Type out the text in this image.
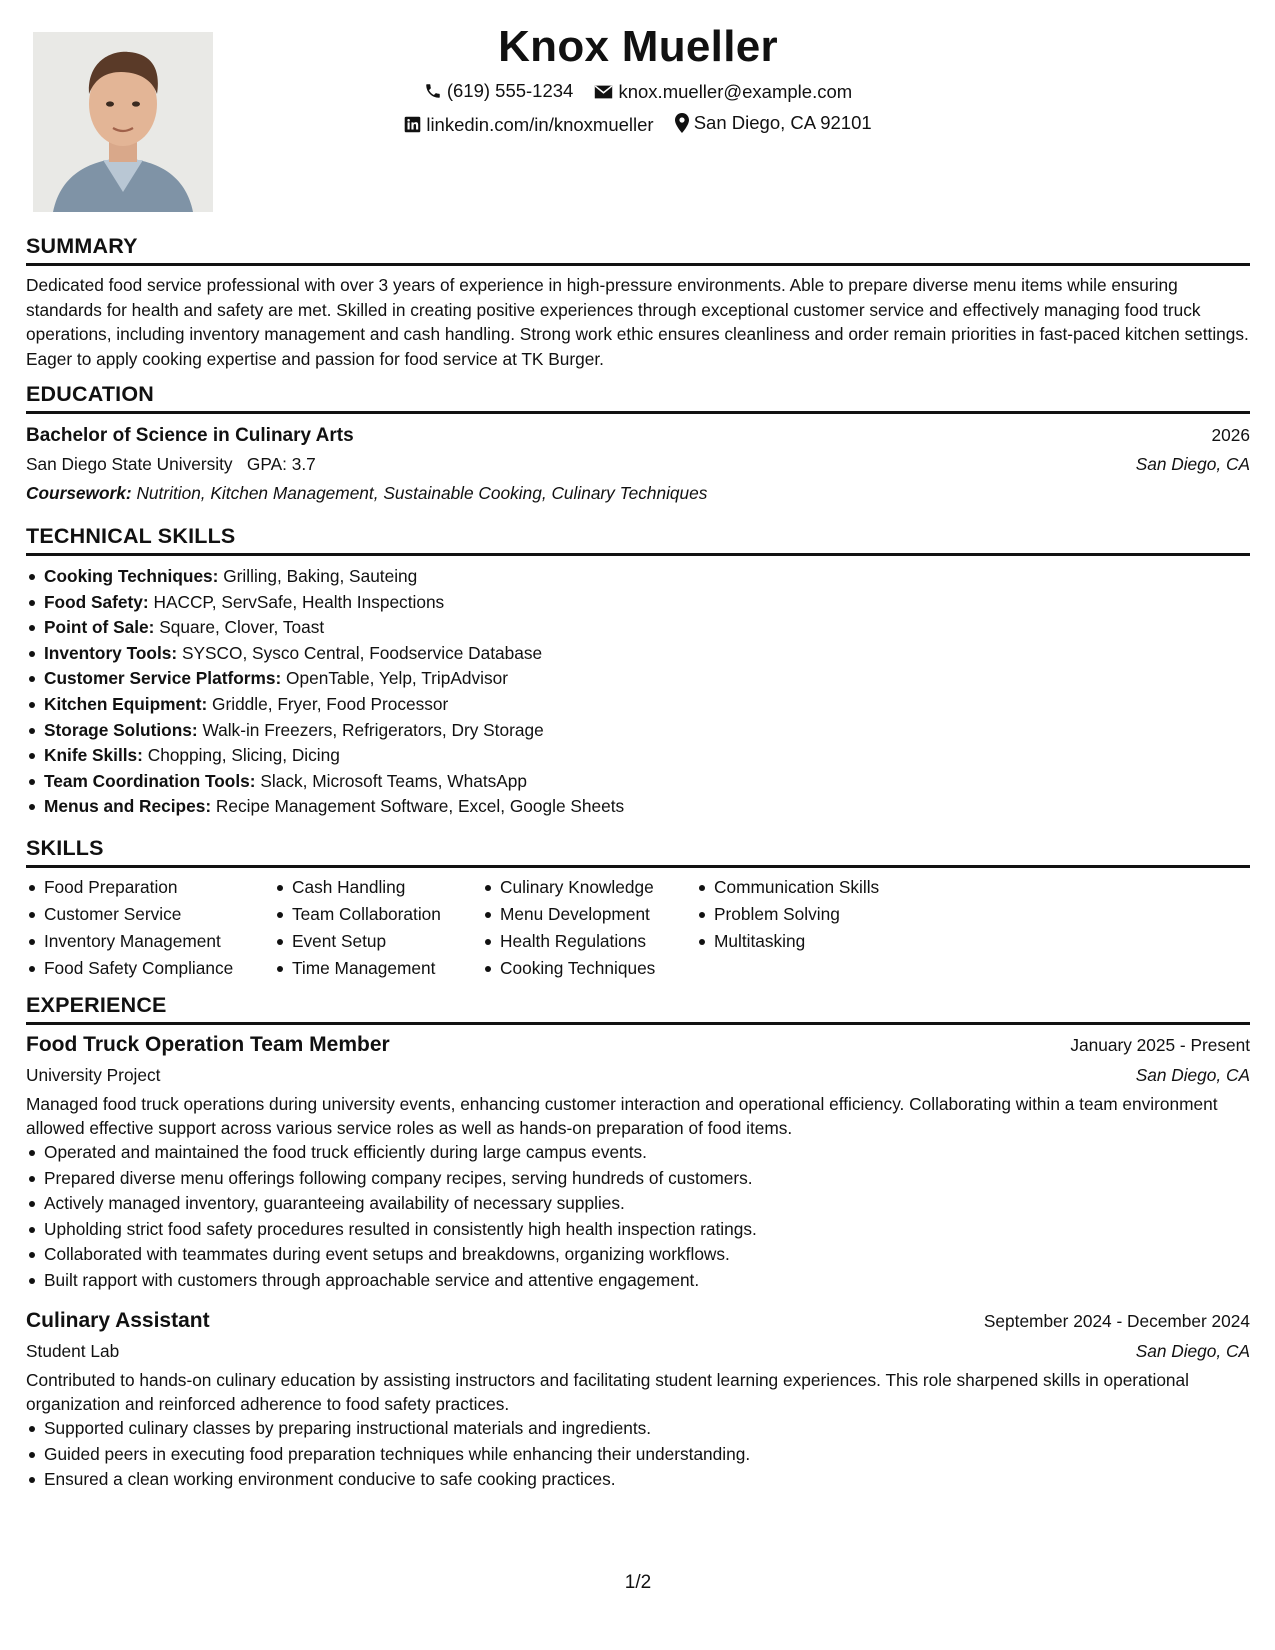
Knox Mueller
(619) 555-1234
knox.mueller@example.com
linkedin.com/in/knoxmueller
San Diego, CA 92101
SUMMARY

Dedicated food service professional with over 3 years of experience in high-pressure environments. Able to prepare diverse menu items while ensuring standards for health and safety are met. Skilled in creating positive experiences through exceptional customer service and effectively managing food truck operations, including inventory management and cash handling. Strong work ethic ensures cleanliness and order remain priorities in fast-paced kitchen settings. Eager to apply cooking expertise and passion for food service at TK Burger.

EDUCATION
Bachelor of Science in Culinary Arts	2026
San Diego State University GPA: 3.7	San Diego, CA
Coursework: Nutrition, Kitchen Management, Sustainable Cooking, Culinary Techniques
TECHNICAL SKILLS
Cooking Techniques: Grilling, Baking, Sauteing
Food Safety: HACCP, ServSafe, Health Inspections
Point of Sale: Square, Clover, Toast
Inventory Tools: SYSCO, Sysco Central, Foodservice Database
Customer Service Platforms: OpenTable, Yelp, TripAdvisor
Kitchen Equipment: Griddle, Fryer, Food Processor
Storage Solutions: Walk-in Freezers, Refrigerators, Dry Storage
Knife Skills: Chopping, Slicing, Dicing
Team Coordination Tools: Slack, Microsoft Teams, WhatsApp
Menus and Recipes: Recipe Management Software, Excel, Google Sheets
SKILLS
Food Preparation
Customer Service
Inventory Management
Food Safety Compliance
Cash Handling
Team Collaboration
Event Setup
Time Management
Culinary Knowledge
Menu Development
Health Regulations
Cooking Techniques
Communication Skills
Problem Solving
Multitasking
EXPERIENCE
Food Truck Operation Team Member	January 2025 - Present
University Project	San Diego, CA

Managed food truck operations during university events, enhancing customer interaction and operational efficiency. Collaborating within a team environment allowed effective support across various service roles as well as hands-on preparation of food items.

Operated and maintained the food truck efficiently during large campus events.
Prepared diverse menu offerings following company recipes, serving hundreds of customers.
Actively managed inventory, guaranteeing availability of necessary supplies.
Upholding strict food safety procedures resulted in consistently high health inspection ratings.
Collaborated with teammates during event setups and breakdowns, organizing workflows.
Built rapport with customers through approachable service and attentive engagement.
Culinary Assistant	September 2024 - December 2024
Student Lab	San Diego, CA

Contributed to hands-on culinary education by assisting instructors and facilitating student learning experiences. This role sharpened skills in operational organization and reinforced adherence to food safety practices.

Supported culinary classes by preparing instructional materials and ingredients.
Guided peers in executing food preparation techniques while enhancing their understanding.
Ensured a clean working environment conducive to safe cooking practices.
1/2
